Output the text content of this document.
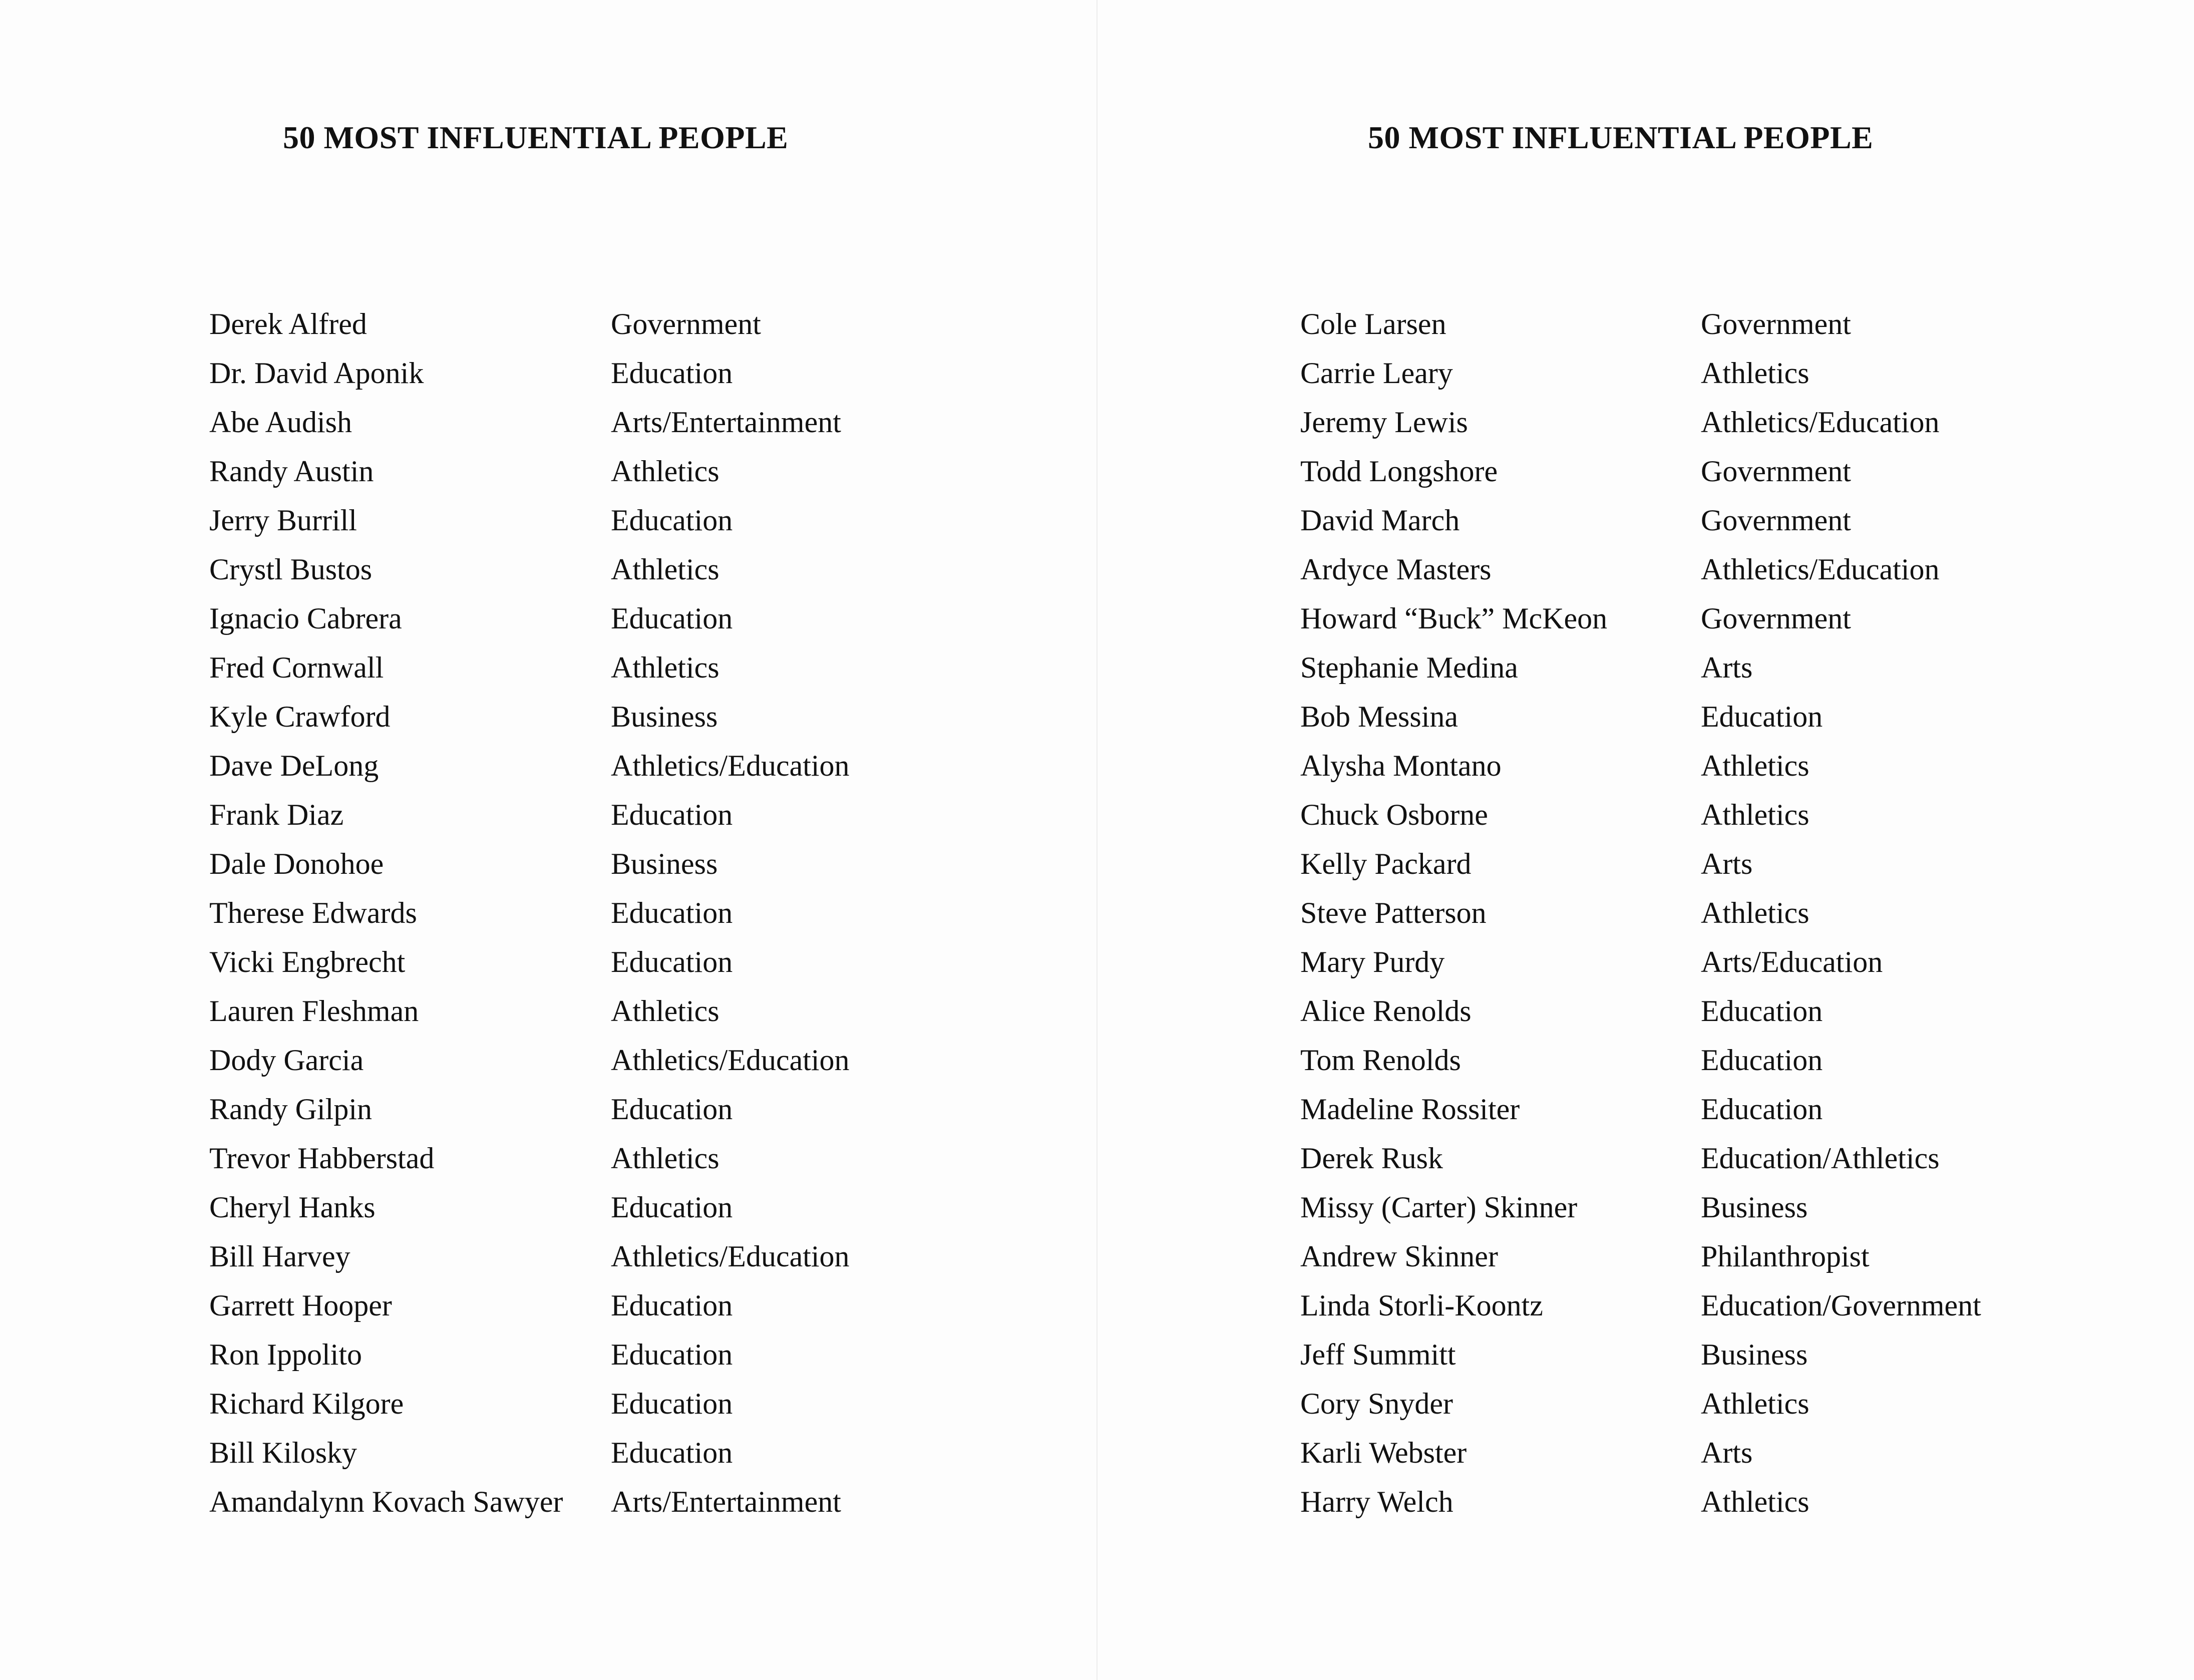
50 MOST INFLUENTIAL PEOPLE
Derek Alfred	Government
Dr. David Aponik	Education
Abe Audish	Arts/Entertainment
Randy Austin	Athletics
Jerry Burrill	Education
Crystl Bustos	Athletics
Ignacio Cabrera	Education
Fred Cornwall	Athletics
Kyle Crawford	Business
Dave DeLong	Athletics/Education
Frank Diaz	Education
Dale Donohoe	Business
Therese Edwards	Education
Vicki Engbrecht	Education
Lauren Fleshman	Athletics
Dody Garcia	Athletics/Education
Randy Gilpin	Education
Trevor Habberstad	Athletics
Cheryl Hanks	Education
Bill Harvey	Athletics/Education
Garrett Hooper	Education
Ron Ippolito	Education
Richard Kilgore	Education
Bill Kilosky	Education
Amandalynn Kovach Sawyer	Arts/Entertainment
50 MOST INFLUENTIAL PEOPLE
Cole Larsen	Government
Carrie Leary	Athletics
Jeremy Lewis	Athletics/Education
Todd Longshore	Government
David March	Government
Ardyce Masters	Athletics/Education
Howard “Buck” McKeon	Government
Stephanie Medina	Arts
Bob Messina	Education
Alysha Montano	Athletics
Chuck Osborne	Athletics
Kelly Packard	Arts
Steve Patterson	Athletics
Mary Purdy	Arts/Education
Alice Renolds	Education
Tom Renolds	Education
Madeline Rossiter	Education
Derek Rusk	Education/Athletics
Missy (Carter) Skinner	Business
Andrew Skinner	Philanthropist
Linda Storli-Koontz	Education/Government
Jeff Summitt	Business
Cory Snyder	Athletics
Karli Webster	Arts
Harry Welch	Athletics
